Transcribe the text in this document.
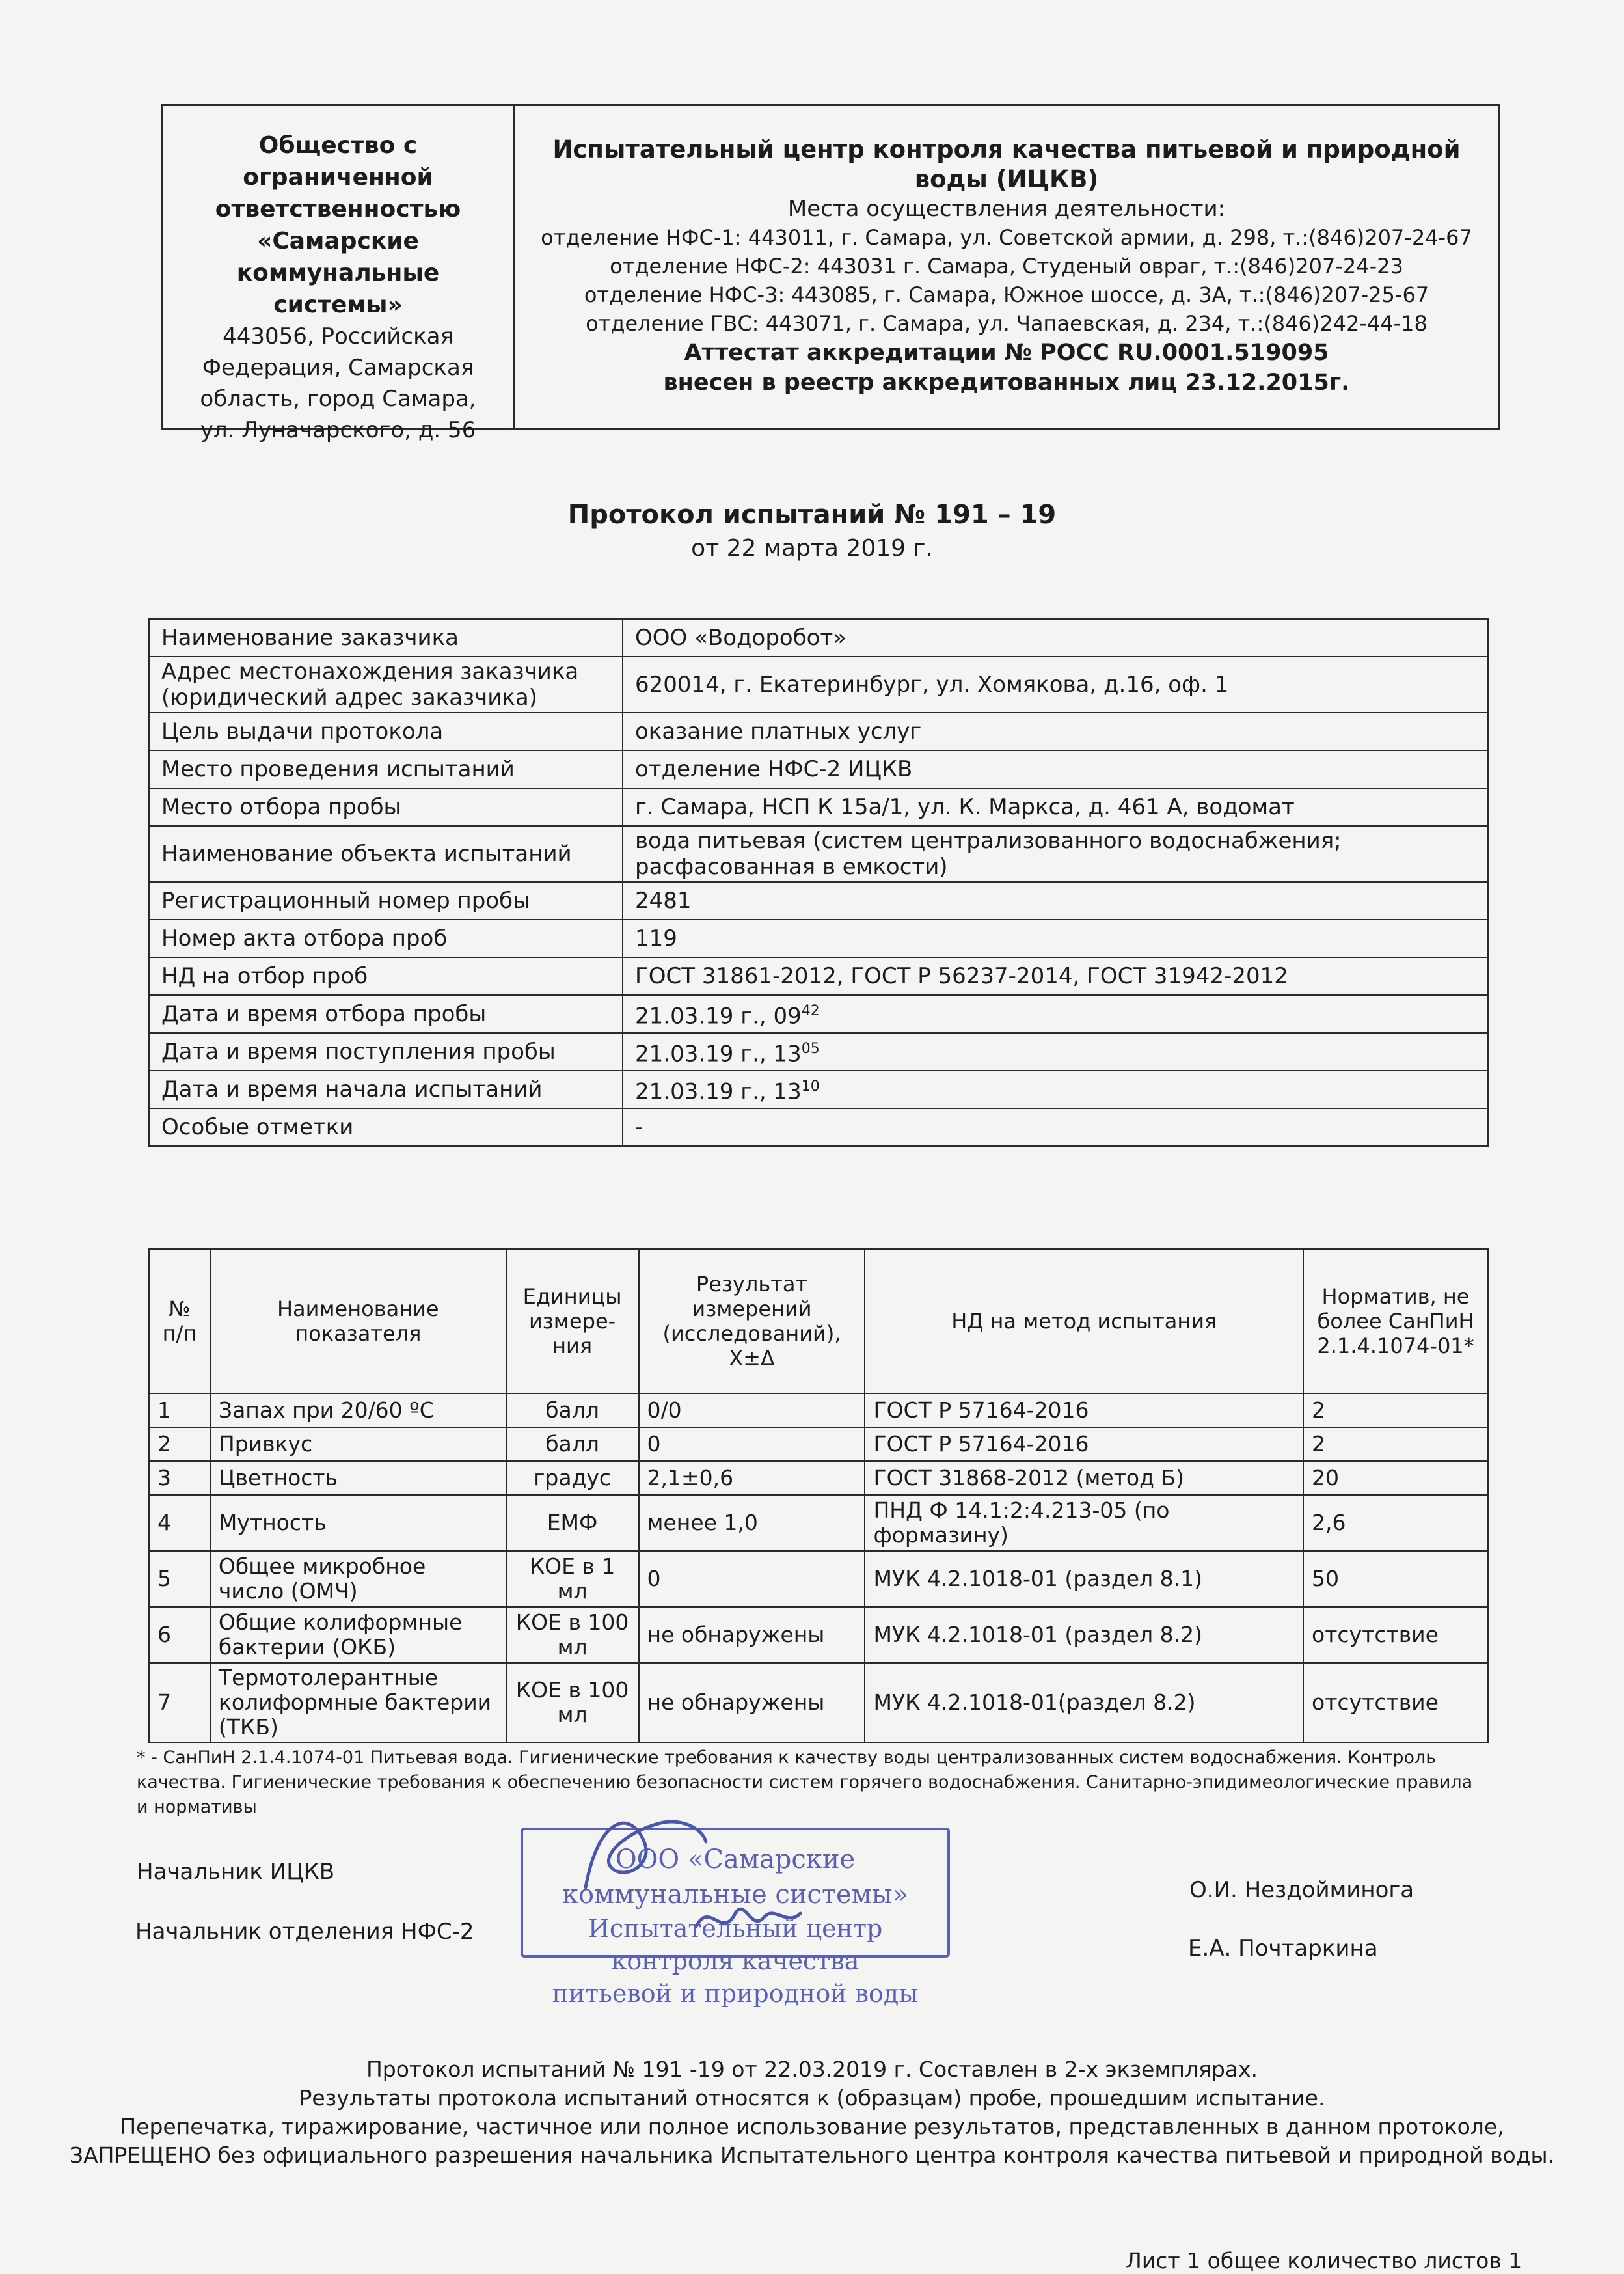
Общество с
ограниченной
ответственностью
«Самарские
коммунальные
системы»
443056, Российская
Федерация, Самарская
область, город Самара,
ул. Луначарского, д. 56
Испытательный центр контроля качества питьевой и природной
воды (ИЦКВ)
Места осуществления деятельности:
отделение НФС-1: 443011, г. Самара, ул. Советской армии, д. 298, т.:(846)207-24-67
отделение НФС-2: 443031 г. Самара, Студеный овраг, т.:(846)207-24-23
отделение НФС-3: 443085, г. Самара, Южное шоссе, д. 3А, т.:(846)207-25-67
отделение ГВС: 443071, г. Самара, ул. Чапаевская, д. 234, т.:(846)242-44-18
Аттестат аккредитации № РОСС RU.0001.519095
внесен в реестр аккредитованных лиц 23.12.2015г.
Протокол испытаний № 191 – 19
от 22 марта 2019 г.
Наименование заказчика	ООО «Водоробот»
Адрес местонахождения заказчика (юридический адрес заказчика)	620014, г. Екатеринбург, ул. Хомякова, д.16, оф. 1
Цель выдачи протокола	оказание платных услуг
Место проведения испытаний	отделение НФС-2 ИЦКВ
Место отбора пробы	г. Самара, НСП К 15а/1, ул. К. Маркса, д. 461 А, водомат
Наименование объекта испытаний	вода питьевая (систем централизованного водоснабжения; расфасованная в емкости)
Регистрационный номер пробы	2481
Номер акта отбора проб	119
НД на отбор проб	ГОСТ 31861-2012, ГОСТ Р 56237-2014, ГОСТ 31942-2012
Дата и время отбора пробы	21.03.19 г., $09^{42}$
Дата и время поступления пробы	21.03.19 г., $13^{05}$
Дата и время начала испытаний	21.03.19 г., $13^{10}$
Особые отметки	-
№ п/п	Наименование показателя	Единицы измере-ния	Результат измерений (исследований), X±Δ	НД на метод испытания	Норматив, не более СанПиН 2.1.4.1074-01*
1	Запах при 20/60 ºС	балл	0/0	ГОСТ Р 57164-2016	2
2	Привкус	балл	0	ГОСТ Р 57164-2016	2
3	Цветность	градус	2,1±0,6	ГОСТ 31868-2012 (метод Б)	20
4	Мутность	ЕМФ	менее 1,0	ПНД Ф 14.1:2:4.213-05 (по формазину)	2,6
5	Общее микробное число (ОМЧ)	КОЕ в 1 мл	0	МУК 4.2.1018-01 (раздел 8.1)	50
6	Общие колиформные бактерии (ОКБ)	КОЕ в 100 мл	не обнаружены	МУК 4.2.1018-01 (раздел 8.2)	отсутствие
7	Термотолерантные колиформные бактерии (ТКБ)	КОЕ в 100 мл	не обнаружены	МУК 4.2.1018-01(раздел 8.2)	отсутствие
* - СанПиН 2.1.4.1074-01 Питьевая вода. Гигиенические требования к качеству воды централизованных систем водоснабжения. Контроль качества. Гигиенические требования к обеспечению безопасности систем горячего водоснабжения. Санитарно-эпидимеологические правила и нормативы
Начальник ИЦКВ
О.И. Нездойминога
Начальник отделения НФС-2
Е.А. Почтаркина
ООО «Самарские коммунальные системы»
Испытательный центр контроля качества
питьевой и природной воды
Протокол испытаний № 191 -19 от 22.03.2019 г. Составлен в 2-х экземплярах.
Результаты протокола испытаний относятся к (образцам) пробе, прошедшим испытание.
Перепечатка, тиражирование, частичное или полное использование результатов, представленных в данном протоколе,
ЗАПРЕЩЕНО без официального разрешения начальника Испытательного центра контроля качества питьевой и природной воды.
Лист 1 общее количество листов 1
